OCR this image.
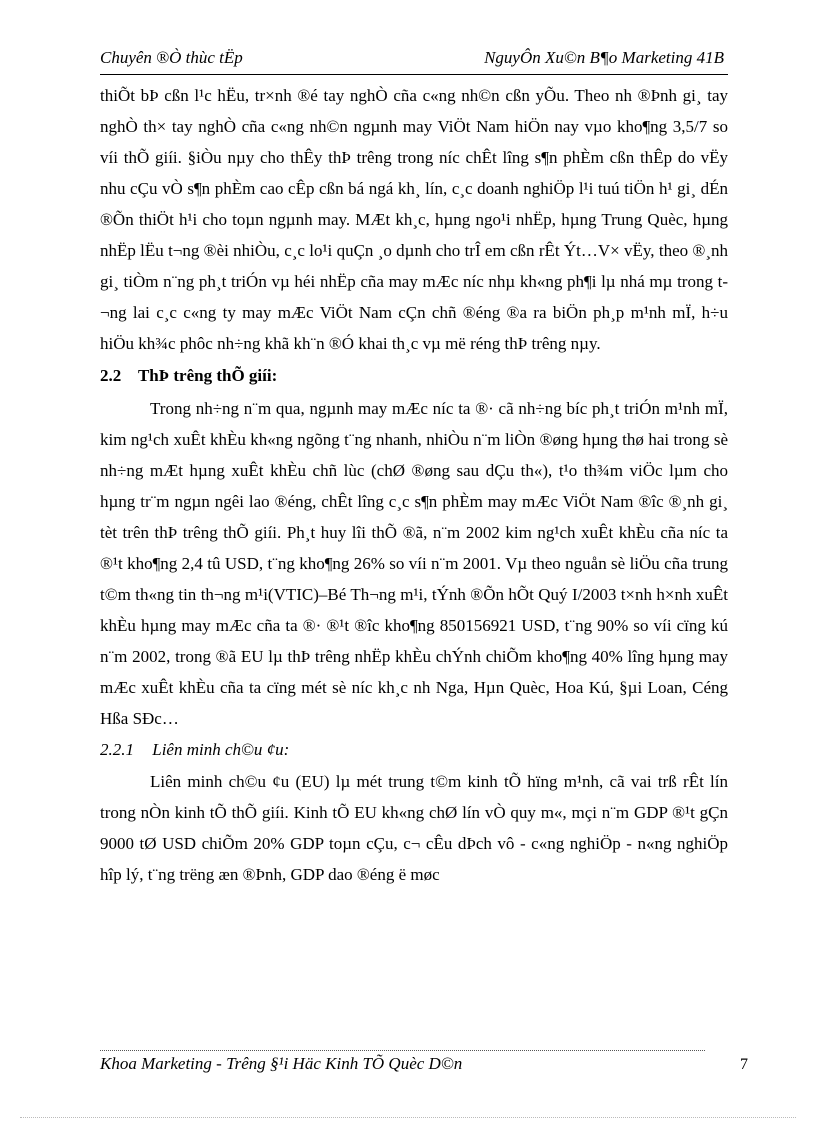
Chuyên ®Ò thùc tËp	NguyÔn Xu©n B¶o Marketing 41B

thiÕt bÞ cßn l¹c hËu, tr×nh ®é tay nghÒ cña c«ng nh©n cßn yÕu. Theo nh ®Þnh gi¸ tay nghÒ th× tay nghÒ cña c«ng nh©n ngµnh may ViÖt Nam hiÖn nay vµo kho¶ng 3,5/7 so víi thÕ giíi. §iÒu nµy cho thÊy thÞ trêng trong níc chÊt lîng s¶n phÈm cßn thÊp do vËy nhu cÇu vÒ s¶n phÈm cao cÊp cßn bá ngá kh¸ lín, c¸c doanh nghiÖp l¹i tuú tiÖn h¹ gi¸ dÉn ®Õn thiÖt h¹i cho toµn ngµnh may. MÆt kh¸c, hµng ngo¹i nhËp, hµng Trung Quèc, hµng nhËp lËu t¬ng ®èi nhiÒu, c¸c lo¹i quÇn ¸o dµnh cho trÎ em cßn rÊt Ýt…V× vËy, theo ®¸nh gi¸ tiÒm n¨ng ph¸t triÓn vµ héi nhËp cña may mÆc níc nhµ kh«ng ph¶i lµ nhá mµ trong t¬ng lai c¸c c«ng ty may mÆc ViÖt Nam cÇn chñ ®éng ®a ra biÖn ph¸p m¹nh mÏ, h÷u hiÖu kh¾c phôc nh÷ng khã kh¨n ®Ó khai th¸c vµ më réng thÞ trêng nµy.

2.2 ThÞ trêng thÕ giíi:

Trong nh÷ng n¨m qua, ngµnh may mÆc níc ta ®· cã nh÷ng bíc ph¸t triÓn m¹nh mÏ, kim ng¹ch xuÊt khÈu kh«ng ngõng t¨ng nhanh, nhiÒu n¨m liÒn ®øng hµng thø hai trong sè nh÷ng mÆt hµng xuÊt khÈu chñ lùc (chØ ®øng sau dÇu th«), t¹o th¾m viÖc lµm cho hµng tr¨m ngµn ngêi lao ®éng, chÊt lîng c¸c s¶n phÈm may mÆc ViÖt Nam ®îc ®¸nh gi¸ tèt trên thÞ trêng thÕ giíi. Ph¸t huy lîi thÕ ®ã, n¨m 2002 kim ng¹ch xuÊt khÈu cña níc ta ®¹t kho¶ng 2,4 tû USD, t¨ng kho¶ng 26% so víi n¨m 2001. Vµ theo nguån sè liÖu cña trung t©m th«ng tin th¬ng m¹i(VTIC)–Bé Th¬ng m¹i, tÝnh ®Õn hÕt Quý I/2003 t×nh h×nh xuÊt khÈu hµng may mÆc cña ta ®· ®¹t ®îc kho¶ng 850156921 USD, t¨ng 90% so víi cïng kú n¨m 2002, trong ®ã EU lµ thÞ trêng nhËp khÈu chÝnh chiÕm kho¶ng 40% lîng hµng may mÆc xuÊt khÈu cña ta cïng mét sè níc kh¸c nh Nga, Hµn Quèc, Hoa Kú, §µi Loan, Céng Hßa SÐc…

2.2.1 Liên minh ch©u ¢u:

Liên minh ch©u ¢u (EU) lµ mét trung t©m kinh tÕ hïng m¹nh, cã vai trß rÊt lín trong nÒn kinh tÕ thÕ giíi. Kinh tÕ EU kh«ng chØ lín vÒ quy m«, mçi n¨m GDP ®¹t gÇn 9000 tØ USD chiÕm 20% GDP toµn cÇu, c¬ cÊu dÞch vô - c«ng nghiÖp - n«ng nghiÖp hîp lý, t¨ng trëng æn ®Þnh, GDP dao ®éng ë møc

Khoa Marketing - Trêng §¹i Häc Kinh TÕ Quèc D©n	7
